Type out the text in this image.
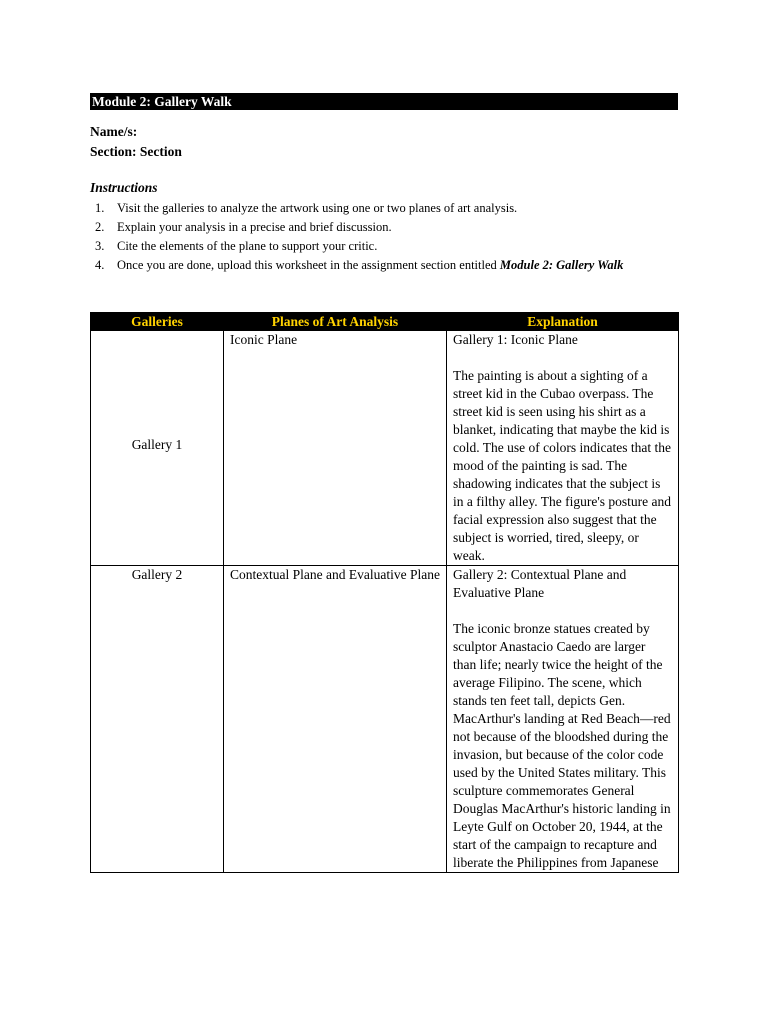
Module 2: Gallery Walk
Name/s:
Section: Section
Instructions
1. Visit the galleries to analyze the artwork using one or two planes of art analysis.
2. Explain your analysis in a precise and brief discussion.
3. Cite the elements of the plane to support your critic.
4. Once you are done, upload this worksheet in the assignment section entitled Module 2: Gallery Walk
Galleries	Planes of Art Analysis	Explanation
Gallery 1	Iconic Plane	Gallery 1: Iconic Plane

The painting is about a sighting of a street kid in the Cubao overpass. The street kid is seen using his shirt as a blanket, indicating that maybe the kid is cold. The use of colors indicates that the mood of the painting is sad. The shadowing indicates that the subject is in a filthy alley. The figure's posture and facial expression also suggest that the subject is worried, tired, sleepy, or weak.

Gallery 2	Contextual Plane and Evaluative Plane	Gallery 2: Contextual Plane and Evaluative Plane

The iconic bronze statues created by sculptor Anastacio Caedo are larger than life; nearly twice the height of the average Filipino. The scene, which stands ten feet tall, depicts Gen. MacArthur's landing at Red Beach—red not because of the bloodshed during the invasion, but because of the color code used by the United States military. This sculpture commemorates General Douglas MacArthur's historic landing in Leyte Gulf on October 20, 1944, at the start of the campaign to recapture and liberate the Philippines from Japanese
